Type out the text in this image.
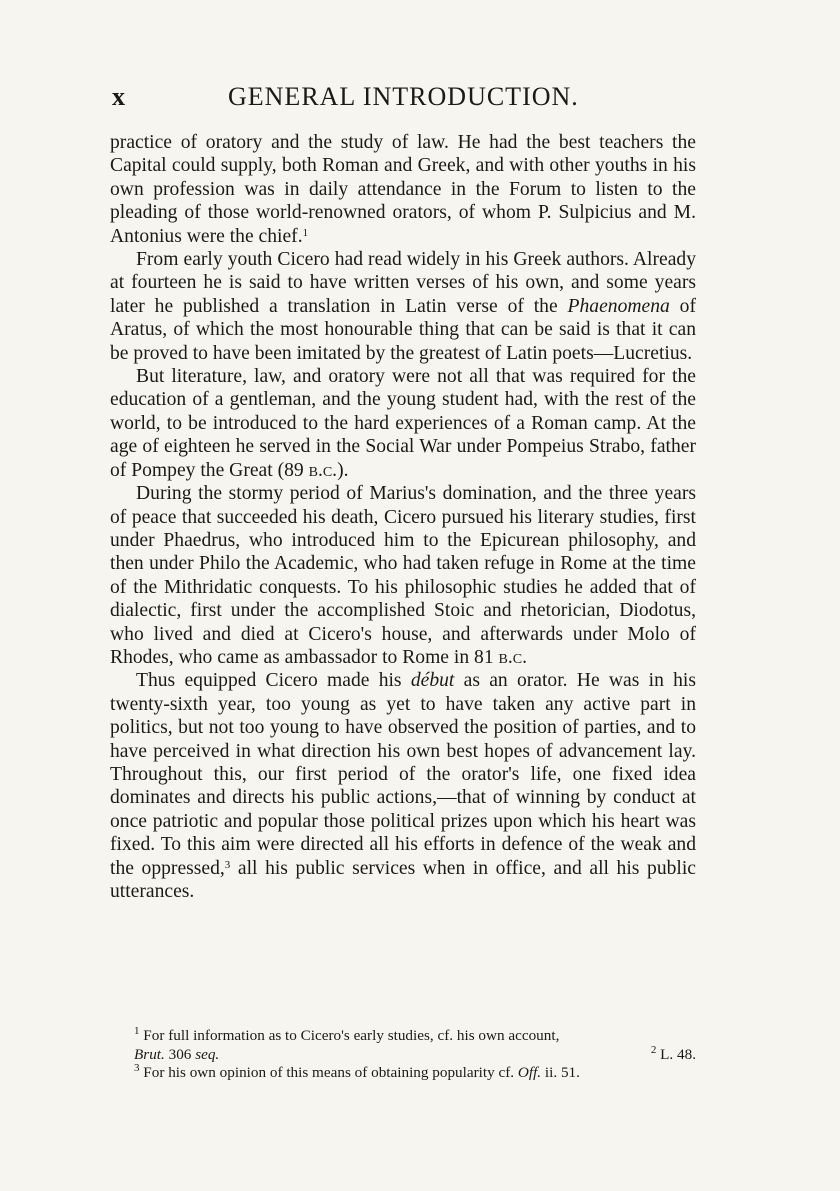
x	GENERAL INTRODUCTION.

practice of oratory and the study of law. He had the best teachers the Capital could supply, both Roman and Greek, and with other youths in his own profession was in daily attendance in the Forum to listen to the pleading of those world-renowned orators, of whom P. Sulpicius and M. Antonius were the chief.$^1$

From early youth Cicero had read widely in his Greek authors. Already at fourteen he is said to have written verses of his own, and some years later he published a translation in Latin verse of the Phaenomena of Aratus, of which the most honourable thing that can be said is that it can be proved to have been imitated by the greatest of Latin poets—Lucretius.

But literature, law, and oratory were not all that was required for the education of a gentleman, and the young student had, with the rest of the world, to be introduced to the hard experiences of a Roman camp. At the age of eighteen he served in the Social War under Pompeius Strabo, father of Pompey the Great (89 b.c.).

During the stormy period of Marius's domination, and the three years of peace that succeeded his death, Cicero pursued his literary studies, first under Phaedrus, who introduced him to the Epicurean philosophy, and then under Philo the Academic, who had taken refuge in Rome at the time of the Mithridatic conquests. To his philosophic studies he added that of dialectic, first under the accomplished Stoic and rhetorician, Diodotus, who lived and died at Cicero's house, and afterwards under Molo of Rhodes, who came as ambassador to Rome in 81 b.c.

Thus equipped Cicero made his début as an orator. He was in his twenty-sixth year, too young as yet to have taken any active part in politics, but not too young to have observed the position of parties, and to have perceived in what direction his own best hopes of advancement lay. Throughout this, our first period of the orator's life, one fixed idea dominates and directs his public actions,—that of winning by conduct at once patriotic and popular those political prizes upon which his heart was fixed. To this aim were directed all his efforts in defence of the weak and the oppressed,$^3$ all his public services when in office, and all his public utterances.

$^1$ For full information as to Cicero's early studies, cf. his own account,

Brut. 306 seq.	$^2$ L. 48.

$^3$ For his own opinion of this means of obtaining popularity cf. Off. ii. 51.
